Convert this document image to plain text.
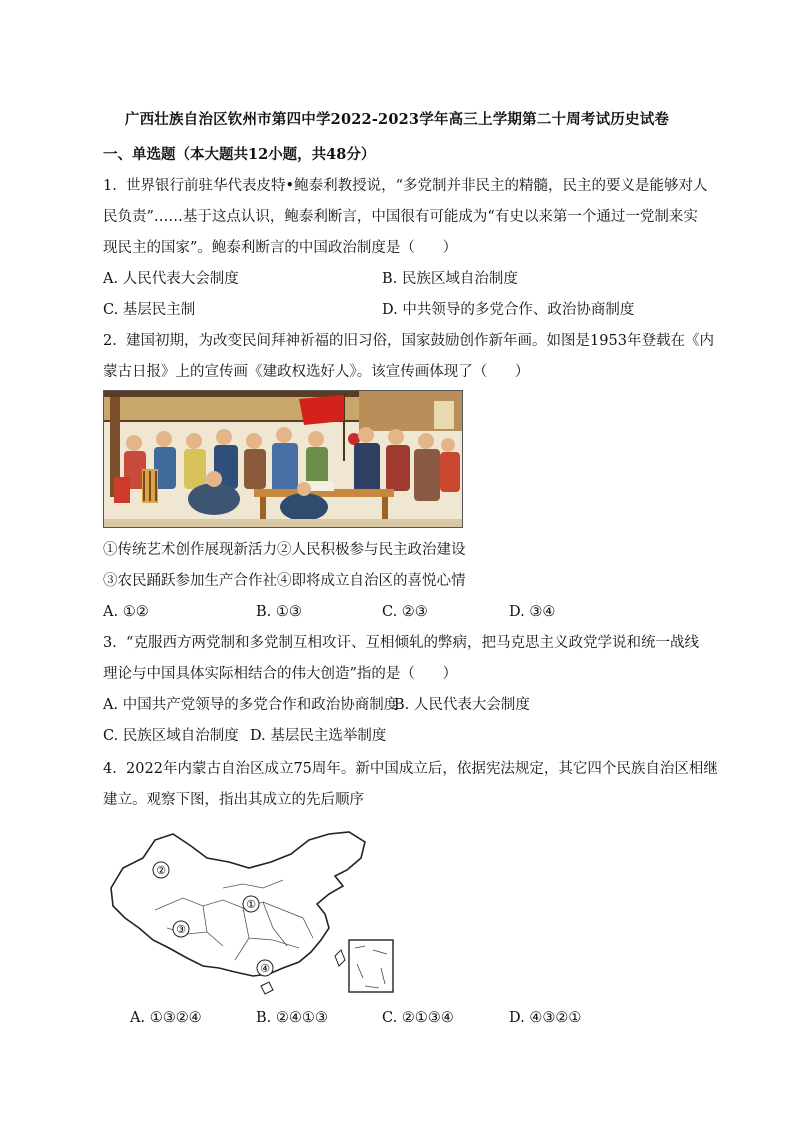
广西壮族自治区钦州市第四中学2022-2023学年高三上学期第二十周考试历史试卷
一、单选题（本大题共12小题，共48分）
1.  世界银行前驻华代表皮特•鲍泰利教授说，“多党制并非民主的精髓，民主的要义是能够对人
民负责”……基于这点认识，鲍泰利断言，中国很有可能成为“有史以来第一个通过一党制来实
现民主的国家”。鲍泰利断言的中国政治制度是（      ）
A. 人民代表大会制度	B. 民族区域自治制度
C. 基层民主制	D. 中共领导的多党合作、政治协商制度
2.  建国初期，为改变民间拜神祈福的旧习俗，国家鼓励创作新年画。如图是1953年登载在《内
蒙古日报》上的宣传画《建政权选好人》。该宣传画体现了（      ）
①传统艺术创作展现新活力②人民积极参与民主政治建设
③农民踊跃参加生产合作社④即将成立自治区的喜悦心情
A. ①②	B. ①③	C. ②③	D. ③④
3.  “克服西方两党制和多党制互相攻讦、互相倾轧的弊病，把马克思主义政党学说和统一战线
理论与中国具体实际相结合的伟大创造”指的是（      ）
A. 中国共产党领导的多党合作和政治协商制度
B. 人民代表大会制度
C. 民族区域自治制度 D. 基层民主选举制度
4.  2022年内蒙古自治区成立75周年。新中国成立后，依据宪法规定，其它四个民族自治区相继
建立。观察下图，指出其成立的先后顺序
②
①
③
④
A. ①③②④	B. ②④①③	C. ②①③④	D. ④③②①
